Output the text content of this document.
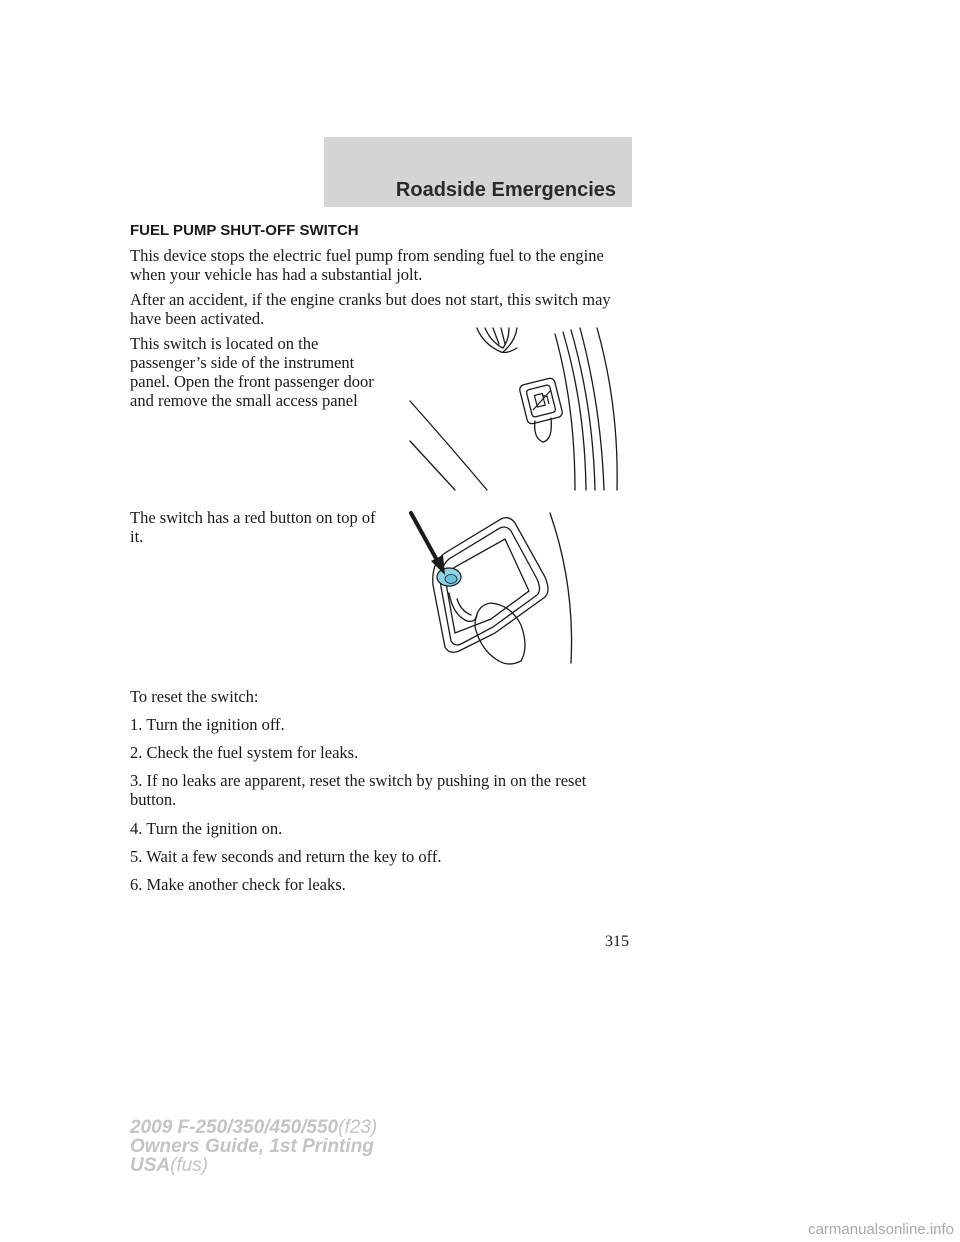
Roadside Emergencies
FUEL PUMP SHUT-OFF SWITCH

This device stops the electric fuel pump from sending fuel to the engine when your vehicle has had a substantial jolt.

After an accident, if the engine cranks but does not start, this switch may have been activated.

This switch is located on the passenger’s side of the instrument panel. Open the front passenger door and remove the small access panel

The switch has a red button on top of it.

To reset the switch:

1. Turn the ignition off.

2. Check the fuel system for leaks.

3. If no leaks are apparent, reset the switch by pushing in on the reset button.

4. Turn the ignition on.

5. Wait a few seconds and return the key to off.

6. Make another check for leaks.

315
2009 F-250/350/450/550(f23)
Owners Guide, 1st Printing
USA(fus)
carmanualsonline.info
